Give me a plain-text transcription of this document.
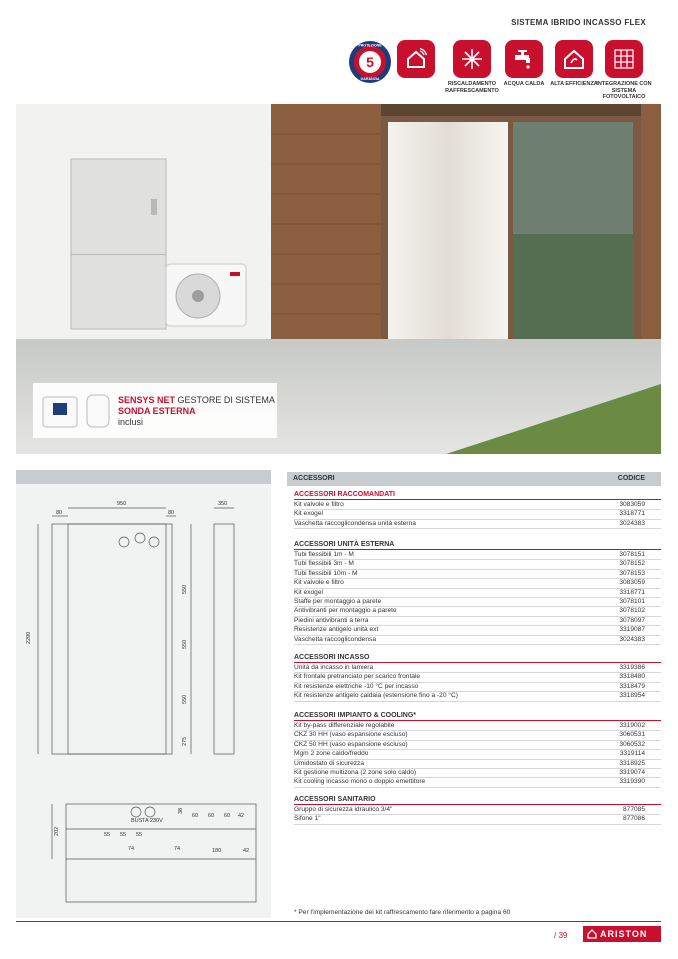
SISTEMA IBRIDO INCASSO FLEX
5
PROTEZIONE
GARANZIA
RISCALDAMENTO RAFFRESCAMENTO
ACQUA CALDA	ALTA EFFICIENZA
INTEGRAZIONE CON SISTEMA FOTOVOLTAICO
SENSYS NET GESTORE DI SISTEMA
SONDA ESTERNA
inclusi
950
80	80
350
2200
550
550
550
275
60 60 60 42
55 55 55
74	74	180	42
202
38
BUS TA 230V
ACCESSORI	CODICE
ACCESSORI RACCOMANDATI
Kit valvole e filtro	3083059
Kit exogel	3318771
Vaschetta raccoglicondensa unità esterna	3024383
ACCESSORI UNITÀ ESTERNA
Tubi flessibili 1m - M	3078151
Tubi flessibili 3m - M	3078152
Tubi flessibili 10m - M	3078153
Kit valvole e filtro	3083059
Kit exogel	3318771
Staffe per montaggio a parete	3078101
Antivibranti per montaggio a parete	3078102
Piedini antivibranti a terra	3078097
Resistenze antigelo unità ext	3319087
Vaschetta raccoglicondensa	3024383
ACCESSORI INCASSO
Unità da incasso in lamiera	3319386
Kit frontale pretranciato per scarico frontale	3318480
Kit resistenze elettriche -10 °C per incasso	3318479
Kit resistenze antigelo caldaia (estensione fino a -20 °C)	3318954
ACCESSORI IMPIANTO & COOLING*
Kit by-pass differenziale regolabile	3319002
CKZ 30 HH (vaso espansione escluso)	3060531
CKZ 50 HH (vaso espansione escluso)	3060532
Mgm 2 zone caldo/freddo	3319114
Umidostato di sicurezza	3318925
Kit gestione multizona (2 zone solo caldo)	3319074
Kit cooling incasso mono o doppio emettitore	3319390
ACCESSORI SANITARIO
Gruppo di sicurezza idraulico 3/4"	877085
Sifone 1"	877086
* Per l'implementazione dei kit raffrescamento fare riferimento a pagina 60
/ 39	ARISTON
